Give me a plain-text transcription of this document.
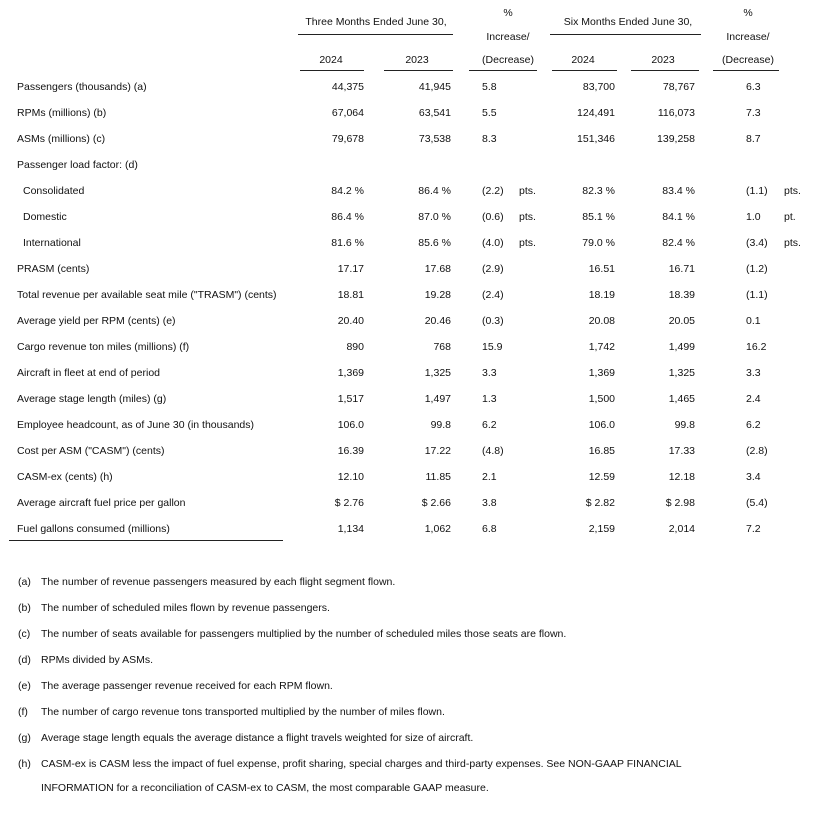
Three Months Ended June 30,
2024	2023
%
Increase/
(Decrease)
Six Months Ended June 30,
2024	2023
%
Increase/
(Decrease)
Passengers (thousands) (a)	44,375	41,945	5.8	83,700	78,767	6.3
RPMs (millions) (b)	67,064	63,541	5.5	124,491	116,073	7.3
ASMs (millions) (c)	79,678	73,538	8.3	151,346	139,258	8.7
Passenger load factor: (d)
Consolidated	84.2 %	86.4 %	(2.2)	pts.	82.3 %	83.4 %	(1.1)	pts.
Domestic	86.4 %	87.0 %	(0.6)	pts.	85.1 %	84.1 %	1.0	pt.
International	81.6 %	85.6 %	(4.0)	pts.	79.0 %	82.4 %	(3.4)	pts.
PRASM (cents)	17.17	17.68	(2.9)	16.51	16.71	(1.2)
Total revenue per available seat mile ("TRASM") (cents)	18.81	19.28	(2.4)	18.19	18.39	(1.1)
Average yield per RPM (cents) (e)	20.40	20.46	(0.3)	20.08	20.05	0.1
Cargo revenue ton miles (millions) (f)	890	768	15.9	1,742	1,499	16.2
Aircraft in fleet at end of period	1,369	1,325	3.3	1,369	1,325	3.3
Average stage length (miles) (g)	1,517	1,497	1.3	1,500	1,465	2.4
Employee headcount, as of June 30 (in thousands)	106.0	99.8	6.2	106.0	99.8	6.2
Cost per ASM ("CASM") (cents)	16.39	17.22	(4.8)	16.85	17.33	(2.8)
CASM-ex (cents) (h)	12.10	11.85	2.1	12.59	12.18	3.4
Average aircraft fuel price per gallon	$ 2.76	$ 2.66	3.8	$ 2.82	$ 2.98	(5.4)
Fuel gallons consumed (millions)	1,134	1,062	6.8	2,159	2,014	7.2
(a) The number of revenue passengers measured by each flight segment flown.
(b) The number of scheduled miles flown by revenue passengers.
(c) The number of seats available for passengers multiplied by the number of scheduled miles those seats are flown.
(d) RPMs divided by ASMs.
(e) The average passenger revenue received for each RPM flown.
(f) The number of cargo revenue tons transported multiplied by the number of miles flown.
(g) Average stage length equals the average distance a flight travels weighted for size of aircraft.
(h) CASM-ex is CASM less the impact of fuel expense, profit sharing, special charges and third-party expenses. See NON-GAAP FINANCIAL
INFORMATION for a reconciliation of CASM-ex to CASM, the most comparable GAAP measure.
